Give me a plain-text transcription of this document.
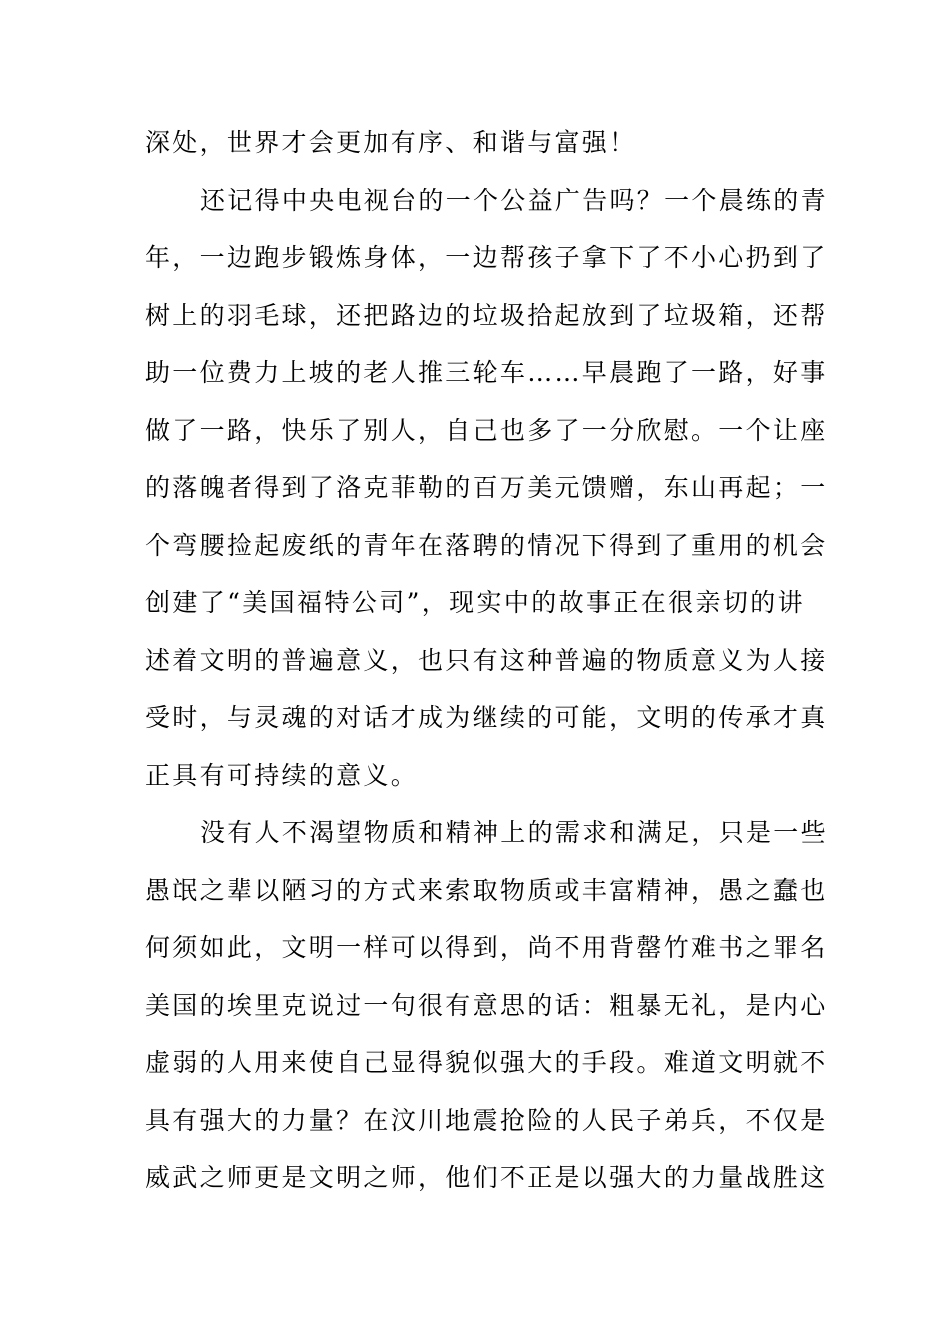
深处，世界才会更加有序、和谐与富强！
还记得中央电视台的一个公益广告吗？一个晨练的青
年，一边跑步锻炼身体，一边帮孩子拿下了不小心扔到了
树上的羽毛球，还把路边的垃圾拾起放到了垃圾箱，还帮
助一位费力上坡的老人推三轮车……早晨跑了一路，好事
做了一路，快乐了别人，自己也多了一分欣慰。一个让座
的落魄者得到了洛克菲勒的百万美元馈赠，东山再起；一
个弯腰捡起废纸的青年在落聘的情况下得到了重用的机会
创建了“美国福特公司”，现实中的故事正在很亲切的讲
述着文明的普遍意义，也只有这种普遍的物质意义为人接
受时，与灵魂的对话才成为继续的可能，文明的传承才真
正具有可持续的意义。
没有人不渴望物质和精神上的需求和满足，只是一些
愚氓之辈以陋习的方式来索取物质或丰富精神，愚之蠢也
何须如此，文明一样可以得到，尚不用背罄竹难书之罪名
美国的埃里克说过一句很有意思的话：粗暴无礼，是内心
虚弱的人用来使自己显得貌似强大的手段。难道文明就不
具有强大的力量？在汶川地震抢险的人民子弟兵，不仅是
威武之师更是文明之师，他们不正是以强大的力量战胜这
